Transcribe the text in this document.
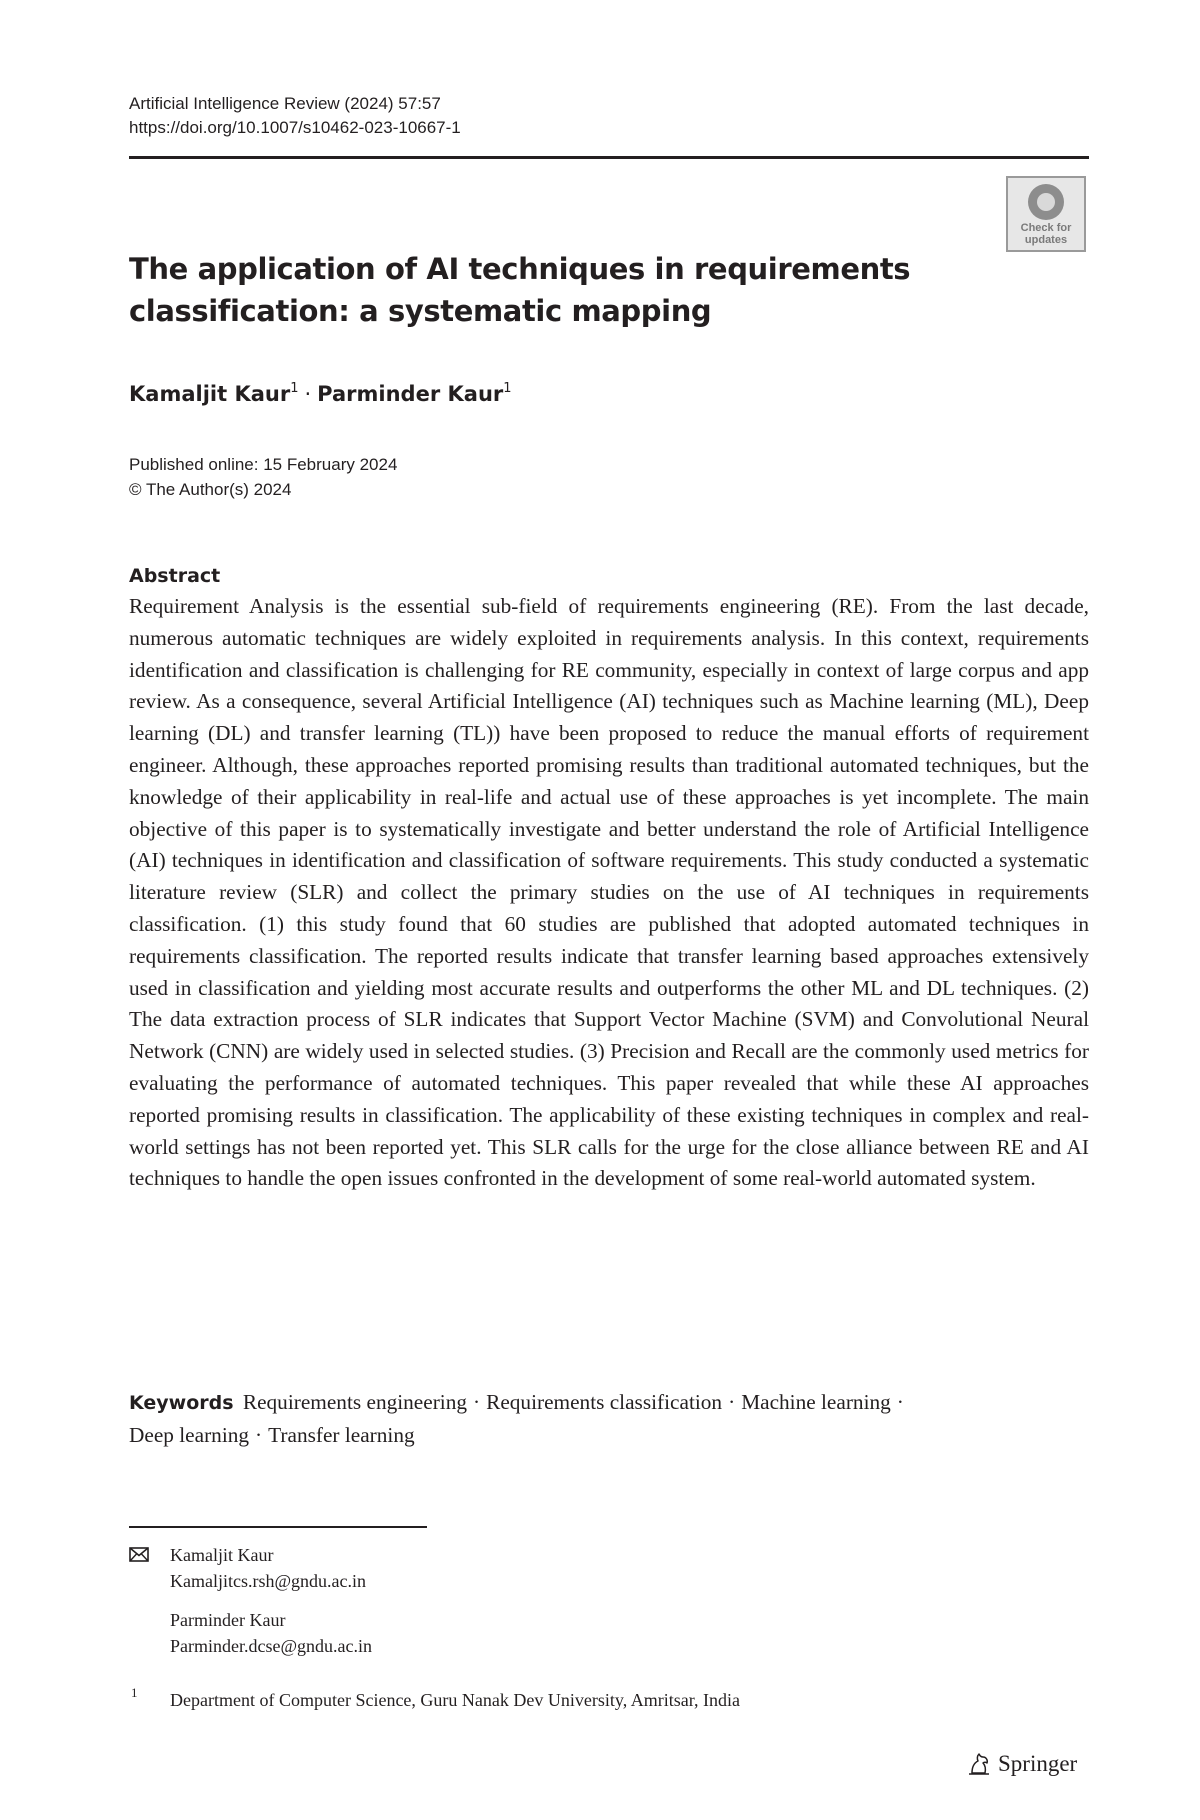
Artificial Intelligence Review (2024) 57:57
https://doi.org/10.1007/s10462-023-10667-1
Check for
updates
The application of AI techniques in requirements classification: a systematic mapping
Kamaljit Kaur$^1$ · Parminder Kaur$^1$
Published online: 15 February 2024
© The Author(s) 2024
Abstract

Requirement Analysis is the essential sub-field of requirements engineering (RE). From the last decade, numerous automatic techniques are widely exploited in requirements analysis. In this context, requirements identification and classification is challenging for RE community, especially in context of large corpus and app review. As a consequence, several Artificial Intelligence (AI) techniques such as Machine learning (ML), Deep learning (DL) and transfer learning (TL)) have been proposed to reduce the manual efforts of requirement engineer. Although, these approaches reported promising results than traditional automated techniques, but the knowledge of their applicability in real-life and actual use of these approaches is yet incomplete. The main objective of this paper is to systematically investigate and better understand the role of Artificial Intelligence (AI) techniques in identification and classification of software requirements. This study conducted a systematic literature review (SLR) and collect the primary studies on the use of AI techniques in requirements classification. (1) this study found that 60 studies are published that adopted automated techniques in requirements classification. The reported results indicate that transfer learning based approaches extensively used in classification and yielding most accurate results and outperforms the other ML and DL techniques. (2) The data extraction process of SLR indicates that Support Vector Machine (SVM) and Convolutional Neural Network (CNN) are widely used in selected studies. (3) Precision and Recall are the commonly used metrics for evaluating the performance of automated techniques. This paper revealed that while these AI approaches reported promising results in classification. The applicability of these existing techniques in complex and real-world settings has not been reported yet. This SLR calls for the urge for the close alliance between RE and AI techniques to handle the open issues confronted in the development of some real-world automated system.

Keywords Requirements engineering · Requirements classification · Machine learning ·
Deep learning · Transfer learning
Kamaljit Kaur
Kamaljitcs.rsh@gndu.ac.in
Parminder Kaur
Parminder.dcse@gndu.ac.in
1 Department of Computer Science, Guru Nanak Dev University, Amritsar, India
Springer
